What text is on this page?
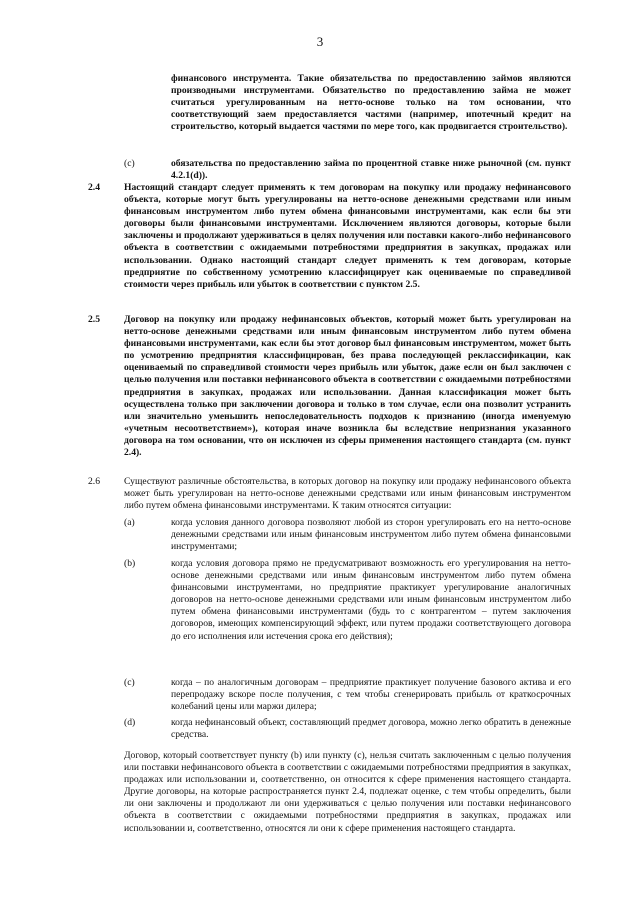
3
финансового инструмента. Такие обязательства по предоставлению займов являются производными инструментами. Обязательство по предоставлению займа не может считаться урегулированным на нетто-основе только на том основании, что соответствующий заем предоставляется частями (например, ипотечный кредит на строительство, который выдается частями по мере того, как продвигается строительство).
(c)	обязательства по предоставлению займа по процентной ставке ниже рыночной (см. пункт 4.2.1(d)).
2.4	Настоящий стандарт следует применять к тем договорам на покупку или продажу нефинансового объекта, которые могут быть урегулированы на нетто-основе денежными средствами или иным финансовым инструментом либо путем обмена финансовыми инструментами, как если бы эти договоры были финансовыми инструментами. Исключением являются договоры, которые были заключены и продолжают удерживаться в целях получения или поставки какого-либо нефинансового объекта в соответствии с ожидаемыми потребностями предприятия в закупках, продажах или использовании. Однако настоящий стандарт следует применять к тем договорам, которые предприятие по собственному усмотрению классифицирует как оцениваемые по справедливой стоимости через прибыль или убыток в соответствии с пунктом 2.5.
2.5	Договор на покупку или продажу нефинансовых объектов, который может быть урегулирован на нетто-основе денежными средствами или иным финансовым инструментом либо путем обмена финансовыми инструментами, как если бы этот договор был финансовым инструментом, может быть по усмотрению предприятия классифицирован, без права последующей реклассификации, как оцениваемый по справедливой стоимости через прибыль или убыток, даже если он был заключен с целью получения или поставки нефинансового объекта в соответствии с ожидаемыми потребностями предприятия в закупках, продажах или использовании. Данная классификация может быть осуществлена только при заключении договора и только в том случае, если она позволит устранить или значительно уменьшить непоследовательность подходов к признанию (иногда именуемую «учетным несоответствием»), которая иначе возникла бы вследствие непризнания указанного договора на том основании, что он исключен из сферы применения настоящего стандарта (см. пункт 2.4).
2.6	Существуют различные обстоятельства, в которых договор на покупку или продажу нефинансового объекта может быть урегулирован на нетто-основе денежными средствами или иным финансовым инструментом либо путем обмена финансовыми инструментами. К таким относятся ситуации:
(a)	когда условия данного договора позволяют любой из сторон урегулировать его на нетто-основе денежными средствами или иным финансовым инструментом либо путем обмена финансовыми инструментами;
(b)	когда условия договора прямо не предусматривают возможность его урегулирования на нетто-основе денежными средствами или иным финансовым инструментом либо путем обмена финансовыми инструментами, но предприятие практикует урегулирование аналогичных договоров на нетто-основе денежными средствами или иным финансовым инструментом либо путем обмена финансовыми инструментами (будь то с контрагентом – путем заключения договоров, имеющих компенсирующий эффект, или путем продажи соответствующего договора до его исполнения или истечения срока его действия);
(c)	когда – по аналогичным договорам – предприятие практикует получение базового актива и его перепродажу вскоре после получения, с тем чтобы сгенерировать прибыль от краткосрочных колебаний цены или маржи дилера;
(d)	когда нефинансовый объект, составляющий предмет договора, можно легко обратить в денежные средства.
Договор, который соответствует пункту (b) или пункту (c), нельзя считать заключенным с целью получения или поставки нефинансового объекта в соответствии с ожидаемыми потребностями предприятия в закупках, продажах или использовании и, соответственно, он относится к сфере применения настоящего стандарта. Другие договоры, на которые распространяется пункт 2.4, подлежат оценке, с тем чтобы определить, были ли они заключены и продолжают ли они удерживаться с целью получения или поставки нефинансового объекта в соответствии с ожидаемыми потребностями предприятия в закупках, продажах или использовании и, соответственно, относятся ли они к сфере применения настоящего стандарта.
